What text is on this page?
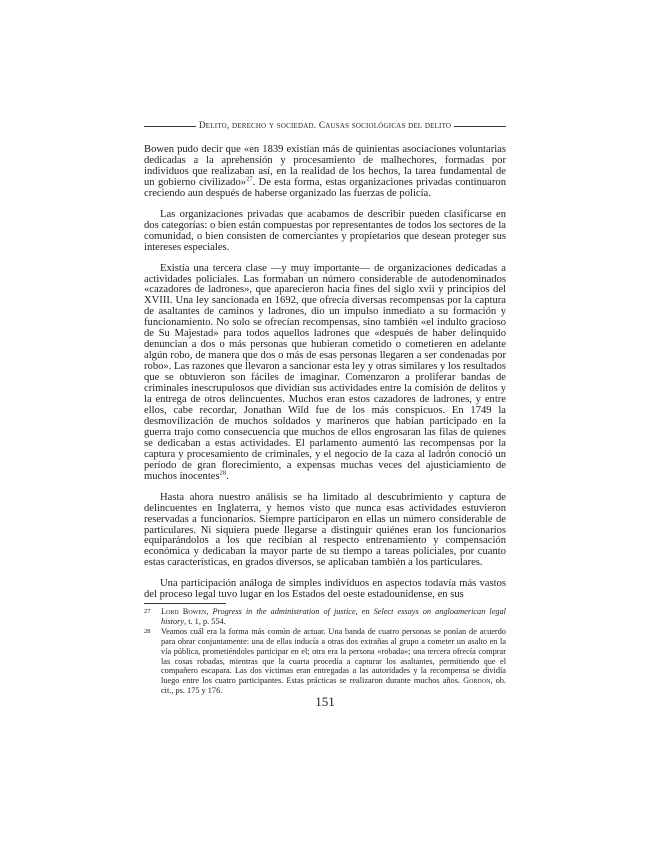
Delito, derecho y sociedad. Causas sociológicas del delito

Bowen pudo decir que «en 1839 existían más de quinientas asociaciones voluntarias dedicadas a la aprehensión y procesamiento de malhechores, formadas por individuos que realizaban así, en la realidad de los hechos, la tarea fundamental de un gobierno civilizado»$^{27}$. De esta forma, estas organizaciones privadas continuaron creciendo aun después de haberse organizado las fuerzas de policía.

Las organizaciones privadas que acabamos de describir pueden clasificarse en dos categorías: o bien están compuestas por representantes de todos los sectores de la comunidad, o bien consisten de comerciantes y propietarios que desean proteger sus intereses especiales.

Existía una tercera clase —y muy importante— de organizaciones dedicadas a actividades policiales. Las formaban un número considerable de autodenominados «cazadores de ladrones», que aparecieron hacia fines del siglo xvii y principios del XVIII. Una ley sancionada en 1692, que ofrecía diversas recompensas por la captura de asaltantes de caminos y ladrones, dio un impulso inmediato a su formación y funcionamiento. No solo se ofrecían recompensas, sino también «el indulto gracioso de Su Majestad» para todos aquellos ladrones que «después de haber delinquido denuncian a dos o más personas que hubieran cometido o cometieren en adelante algún robo, de manera que dos o más de esas personas llegaren a ser condenadas por robo». Las razones que llevaron a sancionar esta ley y otras similares y los resultados que se obtuvieron son fáciles de imaginar. Comenzaron a proliferar bandas de criminales inescrupulosos que dividían sus actividades entre la comisión de delitos y la entrega de otros delincuentes. Muchos eran estos cazadores de ladrones, y entre ellos, cabe recordar, Jonathan Wild fue de los más conspicuos. En 1749 la desmovilización de muchos soldados y marineros que habían participado en la guerra trajo como consecuencia que muchos de ellos engrosaran las filas de quienes se dedicaban a estas actividades. El parlamento aumentó las recompensas por la captura y procesamiento de criminales, y el negocio de la caza al ladrón conoció un período de gran florecimiento, a expensas muchas veces del ajusticiamiento de muchos inocentes$^{28}$.

Hasta ahora nuestro análisis se ha limitado al descubrimiento y captura de delincuentes en Inglaterra, y hemos visto que nunca esas actividades estuvieron reservadas a funcionarios. Siempre participaron en ellas un número considerable de particulares. Ni siquiera puede llegarse a distinguir quiénes eran los funcionarios equiparándolos a los que recibían al respecto entrenamiento y compensación económica y dedicaban la mayor parte de su tiempo a tareas policiales, por cuanto estas características, en grados diversos, se aplicaban también a los particulares.

Una participación análoga de simples individuos en aspectos todavía más vastos del proceso legal tuvo lugar en los Estados del oeste estadounidense, en sus

27	Lord Bowen, Progress in the administration of justice, en Select essays on angloamerican legal history, t. 1, p. 554.
28	Veamos cuál era la forma más común de actuar. Una banda de cuatro personas se ponían de acuerdo para obrar conjuntamente: una de ellas inducía a otras dos extrañas al grupo a cometer un asalto en la vía pública, prometiéndoles participar en el; otra era la persona «robada»; una tercera ofrecía comprar las cosas robadas, mientras que la cuarta procedía a capturar los asaltantes, permitiendo que el compañero escapara. Las dos víctimas eran entregadas a las autoridades y la recompensa se dividía luego entre los cuatro participantes. Estas prácticas se realizaron durante muchos años. Gordon, ob. cit., ps. 175 y 176.
151
